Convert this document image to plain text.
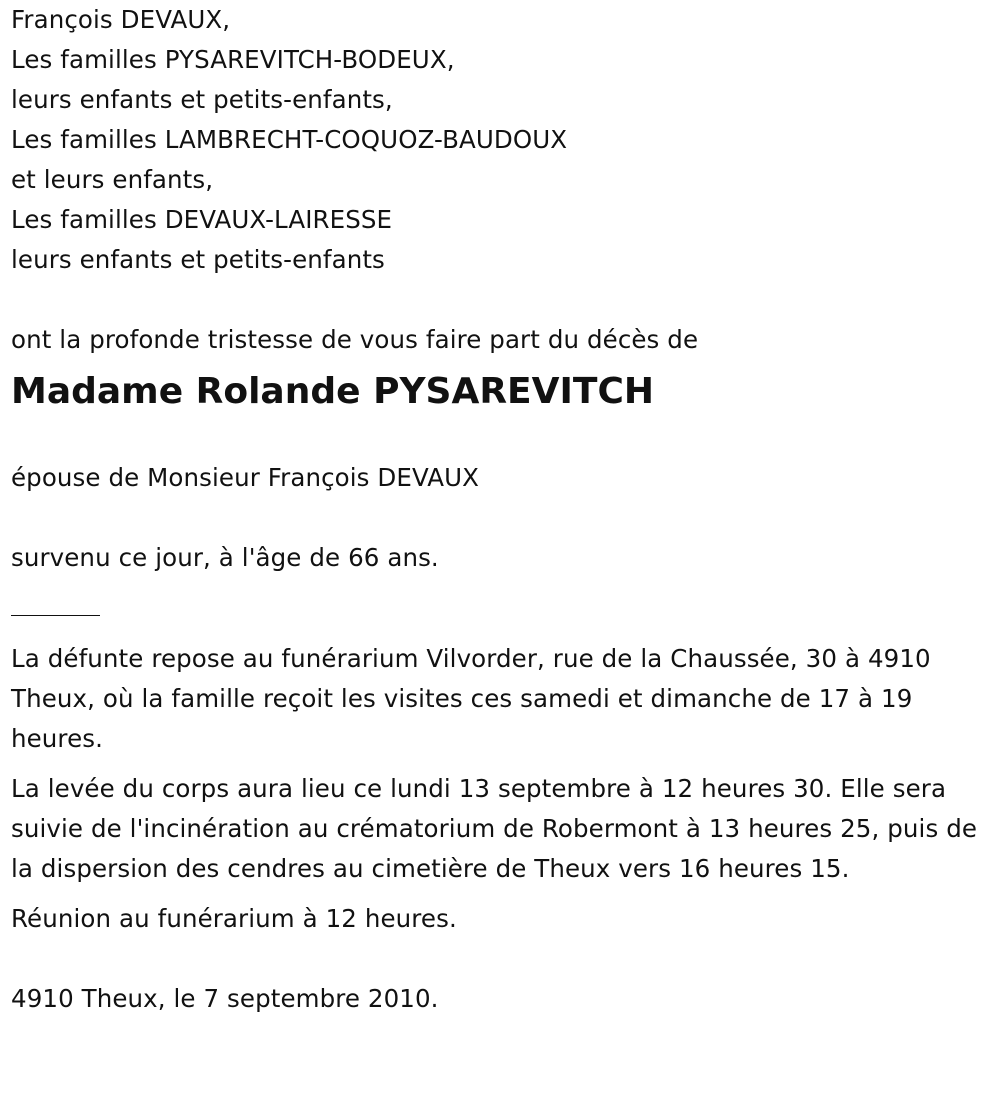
François DEVAUX,
Les familles PYSAREVITCH-BODEUX,
leurs enfants et petits-enfants,
Les familles LAMBRECHT-COQUOZ-BAUDOUX
et leurs enfants,
Les familles DEVAUX-LAIRESSE
leurs enfants et petits-enfants
ont la profonde tristesse de vous faire part du décès de
Madame Rolande PYSAREVITCH
épouse de Monsieur François DEVAUX
survenu ce jour, à l'âge de 66 ans.

La défunte repose au funérarium Vilvorder, rue de la Chaussée, 30 à 4910 Theux, où la famille reçoit les visites ces samedi et dimanche de 17 à 19 heures.

La levée du corps aura lieu ce lundi 13 septembre à 12 heures 30. Elle sera suivie de l'incinération au crématorium de Robermont à 13 heures 25, puis de la dispersion des cendres au cimetière de Theux vers 16 heures 15.

Réunion au funérarium à 12 heures.

4910 Theux, le 7 septembre 2010.
